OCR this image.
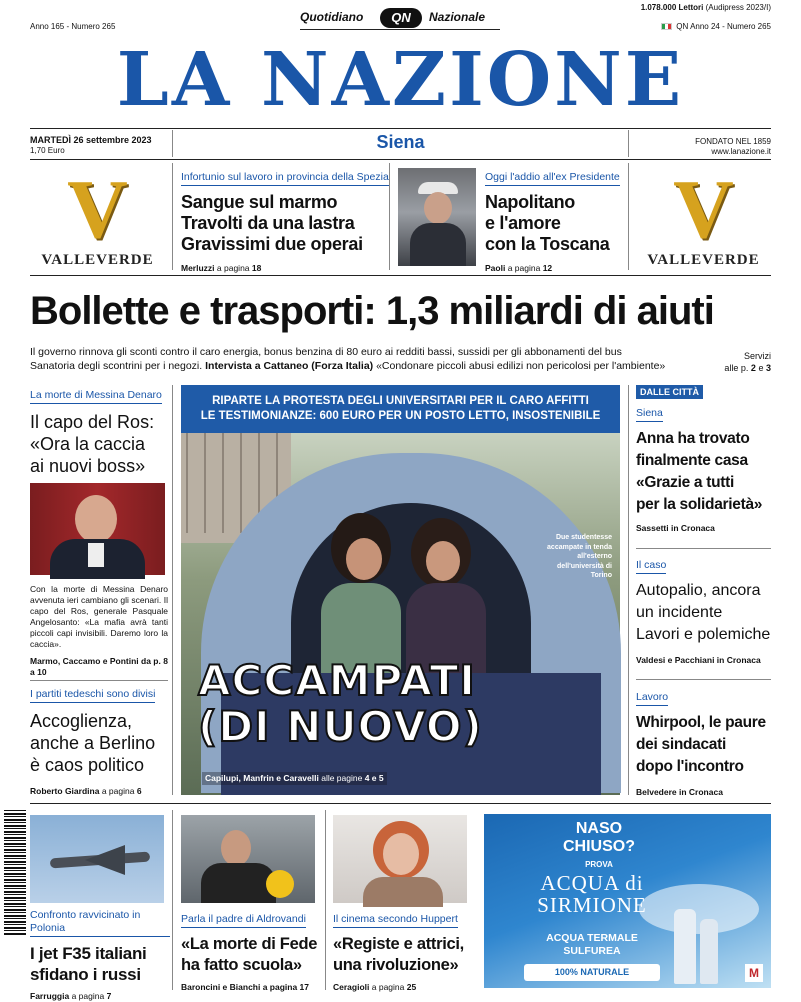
Anno 165 - Numero 265
Quotidiano	QN	Nazionale
1.078.000 Lettori (Audipress 2023/I)
QN Anno 24 - Numero 265
LA NAZIONE
MARTEDÌ 26 settembre 2023
1,70 Euro	Siena	FONDATO NEL 1859
www.lanazione.it
V
VALLEVERDE
Infortunio sul lavoro in provincia della Spezia
Sangue sul marmo
Travolti da una lastra
Gravissimi due operai
Merluzzi a pagina 18
Oggi l'addio all'ex Presidente
Napolitano
e l'amore
con la Toscana
Paoli a pagina 12
V
VALLEVERDE
Bollette e trasporti: 1,3 miliardi di aiuti
Il governo rinnova gli sconti contro il caro energia, bonus benzina di 80 euro ai redditi bassi, sussidi per gli abbonamenti del bus
Sanatoria degli scontrini per i negozi. Intervista a Cattaneo (Forza Italia) «Condonare piccoli abusi edilizi non pericolosi per l'ambiente»
Servizi
alle p. 2 e 3
La morte di Messina Denaro
Il capo del Ros:
«Ora la caccia
ai nuovi boss»
Con la morte di Messina Denaro avvenuta ieri cambiano gli scenari. Il capo del Ros, generale Pasquale Angelosanto: «La mafia avrà tanti piccoli capi invisibili. Daremo loro la caccia».
Marmo, Caccamo e Pontini da p. 8 a 10
I partiti tedeschi sono divisi
Accoglienza,
anche a Berlino
è caos politico
Roberto Giardina a pagina 6
RIPARTE LA PROTESTA DEGLI UNIVERSITARI PER IL CARO AFFITTI
LE TESTIMONIANZE: 600 EURO PER UN POSTO LETTO, INSOSTENIBILE
Due studentesse accampate in tenda all'esterno dell'università di Torino
ACCAMPATI
(DI NUOVO)
Capilupi, Manfrin e Caravelli alle pagine 4 e 5
DALLE CITTÀ
Siena
Anna ha trovato
finalmente casa
«Grazie a tutti
per la solidarietà»
Sassetti in Cronaca
Il caso
Autopalio, ancora
un incidente
Lavori e polemiche
Valdesi e Pacchiani in Cronaca
Lavoro
Whirpool, le paure
dei sindacati
dopo l'incontro
Belvedere in Cronaca
Confronto ravvicinato in Polonia
I jet F35 italiani
sfidano i russi
Farruggia a pagina 7
Parla il padre di Aldrovandi
«La morte di Fede
ha fatto scuola»
Baroncini e Bianchi a pagina 17
Il cinema secondo Huppert
«Registe e attrici,
una rivoluzione»
Ceragioli a pagina 25
NASO
CHIUSO?
PROVA
ACQUA di
SIRMIONE
ACQUA TERMALE
SULFUREA
100% NATURALE	M
